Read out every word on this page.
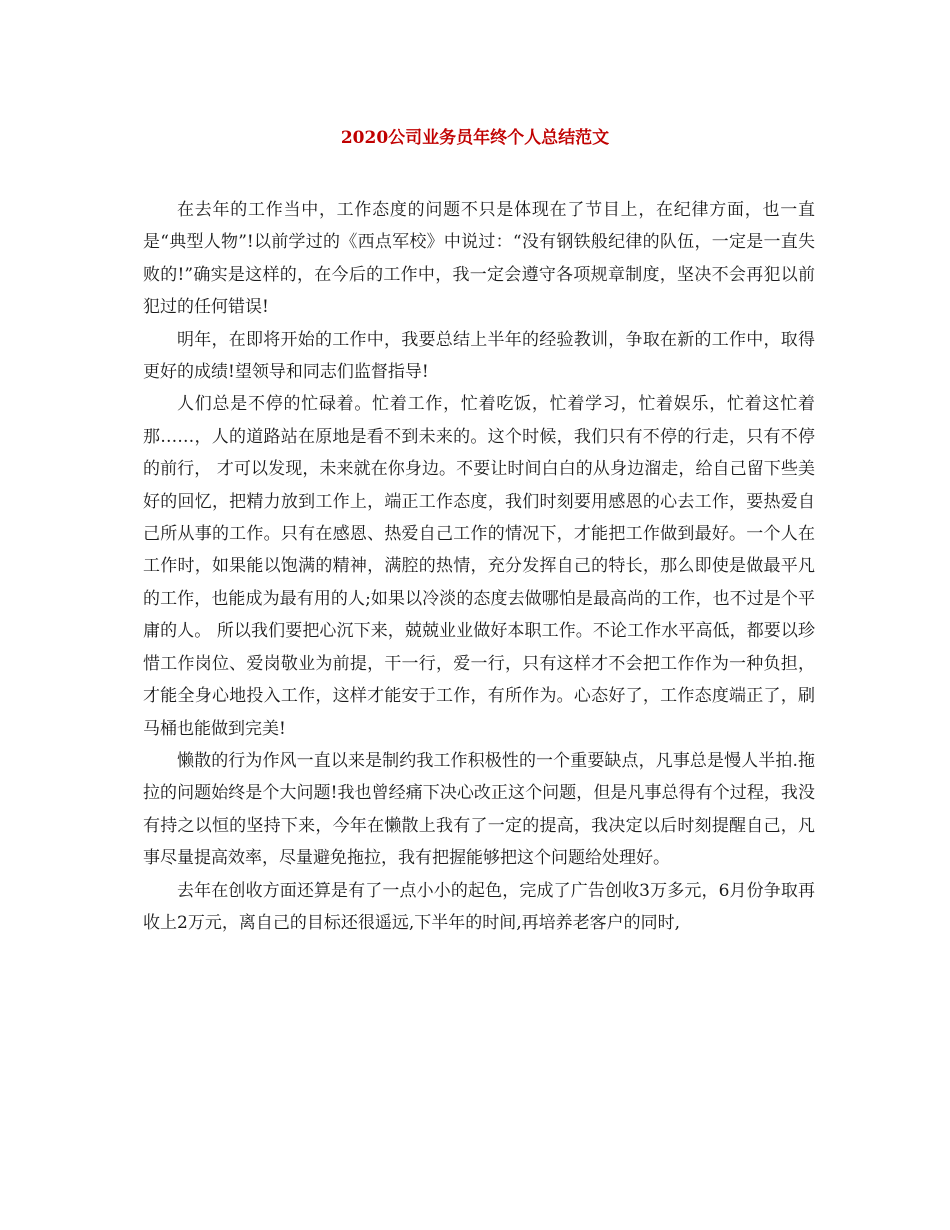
2020公司业务员年终个人总结范文

在去年的工作当中，工作态度的问题不只是体现在了节目上，在纪律方面，也一直是“典型人物”!以前学过的《西点军校》中说过：“没有钢铁般纪律的队伍，一定是一直失败的!”确实是这样的，在今后的工作中，我一定会遵守各项规章制度，坚决不会再犯以前犯过的任何错误!

明年，在即将开始的工作中，我要总结上半年的经验教训，争取在新的工作中，取得更好的成绩!望领导和同志们监督指导!

人们总是不停的忙碌着。忙着工作，忙着吃饭，忙着学习，忙着娱乐，忙着这忙着那……，人的道路站在原地是看不到未来的。这个时候，我们只有不停的行走，只有不停的前行， 才可以发现，未来就在你身边。不要让时间白白的从身边溜走，给自己留下些美好的回忆，把精力放到工作上，端正工作态度，我们时刻要用感恩的心去工作，要热爱自己所从事的工作。只有在感恩、热爱自己工作的情况下，才能把工作做到最好。一个人在工作时，如果能以饱满的精神，满腔的热情，充分发挥自己的特长，那么即使是做最平凡的工作，也能成为最有用的人;如果以冷淡的态度去做哪怕是最高尚的工作，也不过是个平庸的人。 所以我们要把心沉下来，兢兢业业做好本职工作。不论工作水平高低，都要以珍惜工作岗位、爱岗敬业为前提，干一行，爱一行，只有这样才不会把工作作为一种负担，才能全身心地投入工作，这样才能安于工作，有所作为。心态好了，工作态度端正了，刷马桶也能做到完美!

懒散的行为作风一直以来是制约我工作积极性的一个重要缺点，凡事总是慢人半拍.拖拉的问题始终是个大问题!我也曾经痛下决心改正这个问题，但是凡事总得有个过程，我没有持之以恒的坚持下来，今年在懒散上我有了一定的提高，我决定以后时刻提醒自己，凡事尽量提高效率，尽量避免拖拉，我有把握能够把这个问题给处理好。

去年在创收方面还算是有了一点小小的起色，完成了广告创收3万多元，6月份争取再收上2万元，离自己的目标还很遥远,下半年的时间,再培养老客户的同时,
